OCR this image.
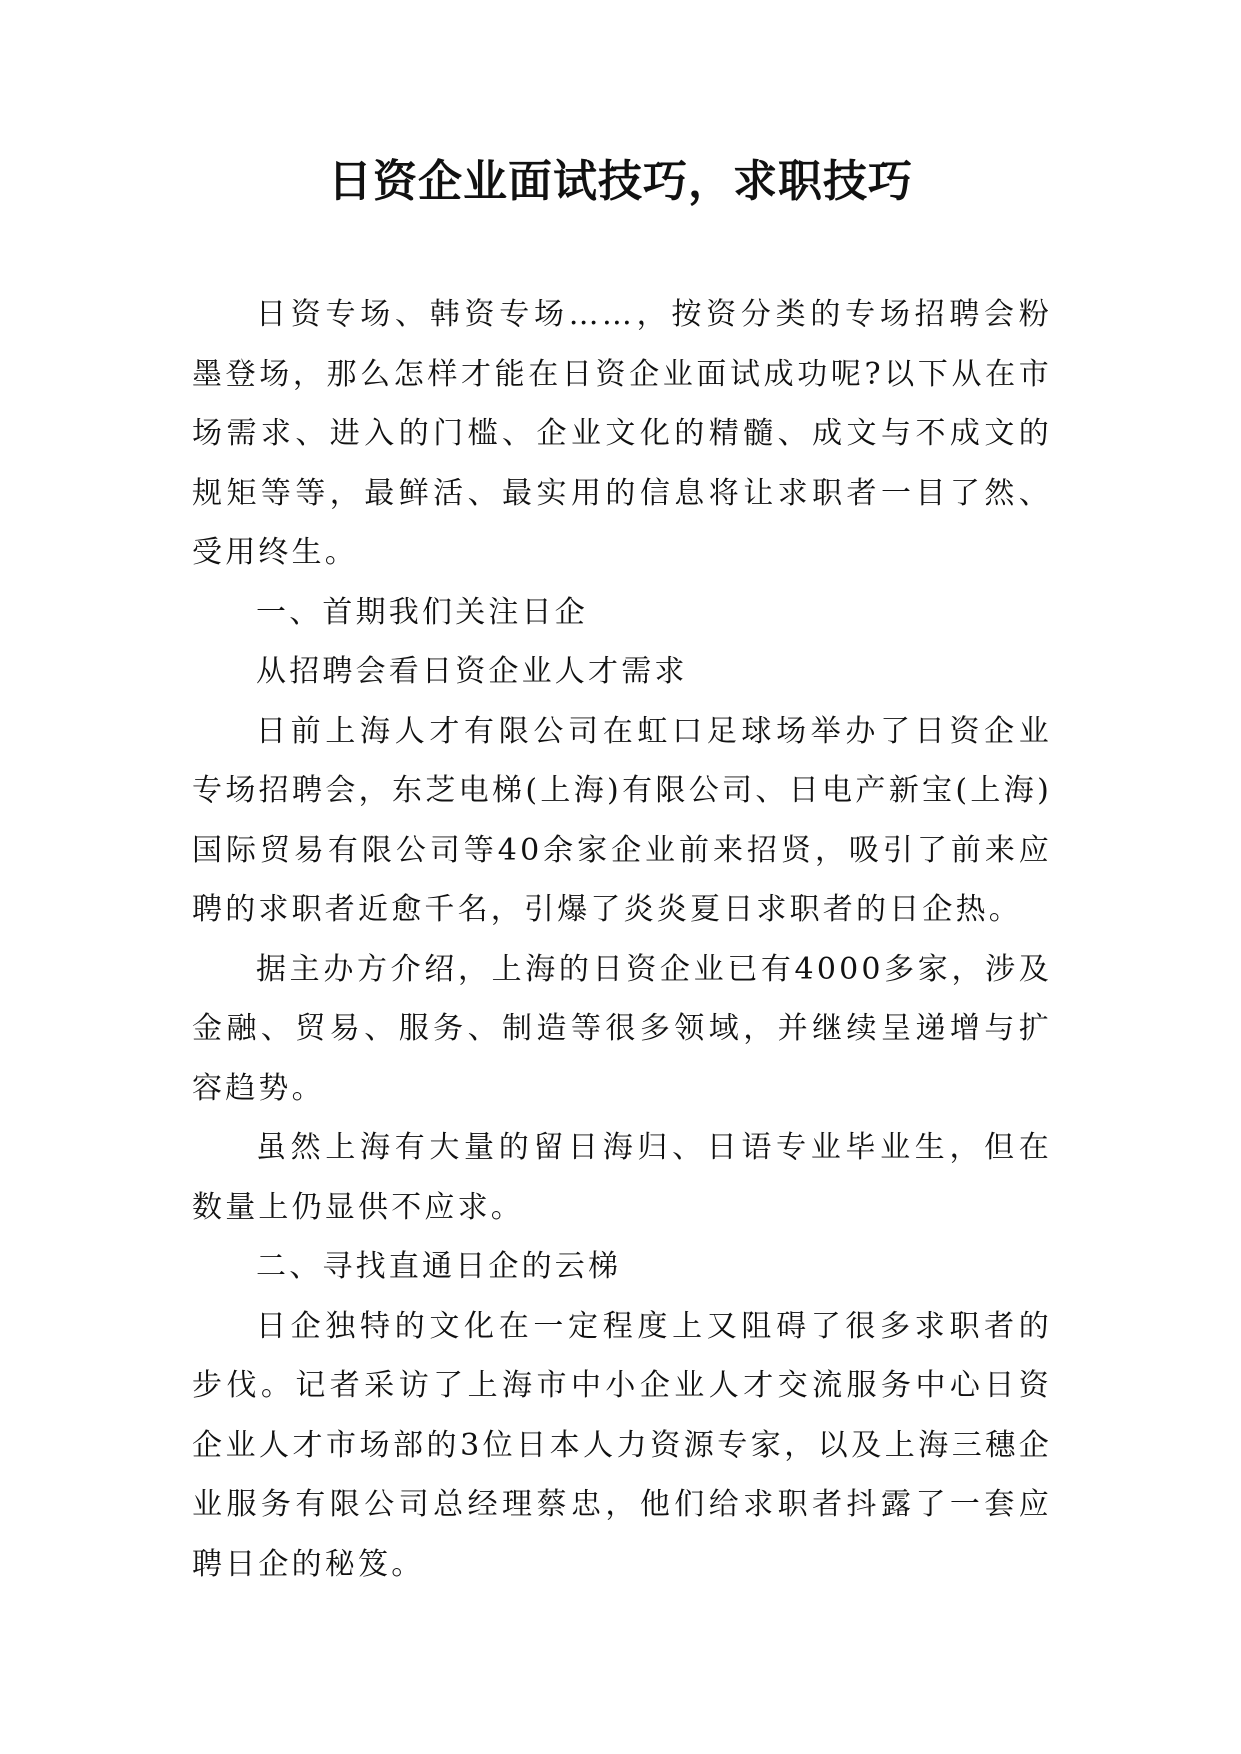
日资企业面试技巧，求职技巧

日资专场、韩资专场……，按资分类的专场招聘会粉墨登场，那么怎样才能在日资企业面试成功呢?以下从在市场需求、进入的门槛、企业文化的精髓、成文与不成文的规矩等等，最鲜活、最实用的信息将让求职者一目了然、受用终生。

一、首期我们关注日企

从招聘会看日资企业人才需求

日前上海人才有限公司在虹口足球场举办了日资企业专场招聘会，东芝电梯(上海)有限公司、日电产新宝(上海)国际贸易有限公司等40余家企业前来招贤，吸引了前来应聘的求职者近愈千名，引爆了炎炎夏日求职者的日企热。

据主办方介绍，上海的日资企业已有4000多家，涉及金融、贸易、服务、制造等很多领域，并继续呈递增与扩容趋势。

虽然上海有大量的留日海归、日语专业毕业生，但在数量上仍显供不应求。

二、寻找直通日企的云梯

日企独特的文化在一定程度上又阻碍了很多求职者的步伐。记者采访了上海市中小企业人才交流服务中心日资企业人才市场部的3位日本人力资源专家，以及上海三穗企业服务有限公司总经理蔡忠，他们给求职者抖露了一套应聘日企的秘笈。
